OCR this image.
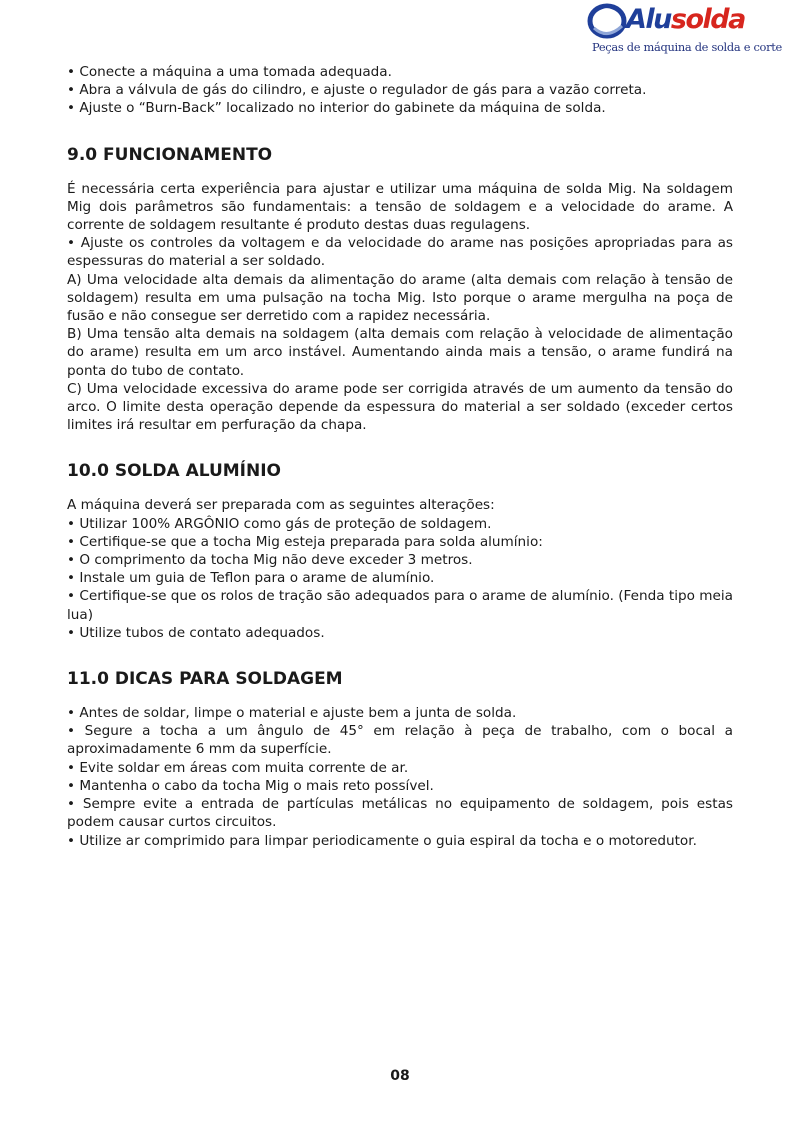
Alusolda
Peças de máquina de solda e corte

• Conecte a máquina a uma tomada adequada.

• Abra a válvula de gás do cilindro, e ajuste o regulador de gás para a vazão correta.

• Ajuste o “Burn-Back” localizado no interior do gabinete da máquina de solda.

9.0 FUNCIONAMENTO

É necessária certa experiência para ajustar e utilizar uma máquina de solda Mig. Na soldagem Mig dois parâmetros são fundamentais: a tensão de soldagem e a velocidade do arame. A corrente de soldagem resultante é produto destas duas regulagens.

• Ajuste os controles da voltagem e da velocidade do arame nas posições apropriadas para as espessuras do material a ser soldado.

A) Uma velocidade alta demais da alimentação do arame (alta demais com relação à tensão de soldagem) resulta em uma pulsação na tocha Mig. Isto porque o arame mergulha na poça de fusão e não consegue ser derretido com a rapidez necessária.

B) Uma tensão alta demais na soldagem (alta demais com relação à velocidade de alimentação do arame) resulta em um arco instável. Aumentando ainda mais a tensão, o arame fundirá na ponta do tubo de contato.

C) Uma velocidade excessiva do arame pode ser corrigida através de um aumento da tensão do arco. O limite desta operação depende da espessura do material a ser soldado (exceder certos limites irá resultar em perfuração da chapa.

10.0 SOLDA ALUMÍNIO

A máquina deverá ser preparada com as seguintes alterações:

• Utilizar 100% ARGÔNIO como gás de proteção de soldagem.

• Certifique-se que a tocha Mig esteja preparada para solda alumínio:

• O comprimento da tocha Mig não deve exceder 3 metros.

• Instale um guia de Teflon para o arame de alumínio.

• Certifique-se que os rolos de tração são adequados para o arame de alumínio. (Fenda tipo meia lua)

• Utilize tubos de contato adequados.

11.0 DICAS PARA SOLDAGEM

• Antes de soldar, limpe o material e ajuste bem a junta de solda.

• Segure a tocha a um ângulo de 45° em relação à peça de trabalho, com o bocal a aproximadamente 6 mm da superfície.

• Evite soldar em áreas com muita corrente de ar.

• Mantenha o cabo da tocha Mig o mais reto possível.

• Sempre evite a entrada de partículas metálicas no equipamento de soldagem, pois estas podem causar curtos circuitos.

• Utilize ar comprimido para limpar periodicamente o guia espiral da tocha e o motoredutor.

08
